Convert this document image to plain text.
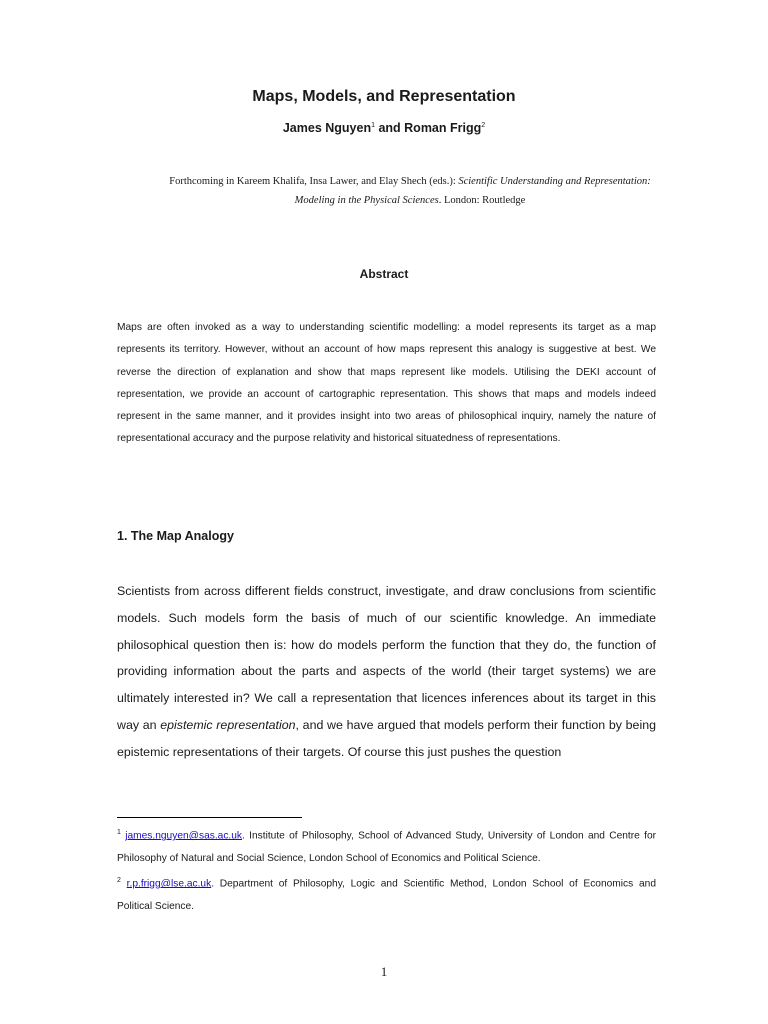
Maps, Models, and Representation
James Nguyen$^1$ and Roman Frigg$^2$
Forthcoming in Kareem Khalifa, Insa Lawer, and Elay Shech (eds.): Scientific Understanding and Representation: Modeling in the Physical Sciences. London: Routledge
Abstract
Maps are often invoked as a way to understanding scientific modelling: a model represents its target as a map represents its territory. However, without an account of how maps represent this analogy is suggestive at best. We reverse the direction of explanation and show that maps represent like models. Utilising the DEKI account of representation, we provide an account of cartographic representation. This shows that maps and models indeed represent in the same manner, and it provides insight into two areas of philosophical inquiry, namely the nature of representational accuracy and the purpose relativity and historical situatedness of representations.
1. The Map Analogy
Scientists from across different fields construct, investigate, and draw conclusions from scientific models. Such models form the basis of much of our scientific knowledge. An immediate philosophical question then is: how do models perform the function that they do, the function of providing information about the parts and aspects of the world (their target systems) we are ultimately interested in? We call a representation that licences inferences about its target in this way an epistemic representation, and we have argued that models perform their function by being epistemic representations of their targets. Of course this just pushes the question

$^1$ james.nguyen@sas.ac.uk. Institute of Philosophy, School of Advanced Study, University of London and Centre for Philosophy of Natural and Social Science, London School of Economics and Political Science.

$^2$ r.p.frigg@lse.ac.uk. Department of Philosophy, Logic and Scientific Method, London School of Economics and Political Science.

1
